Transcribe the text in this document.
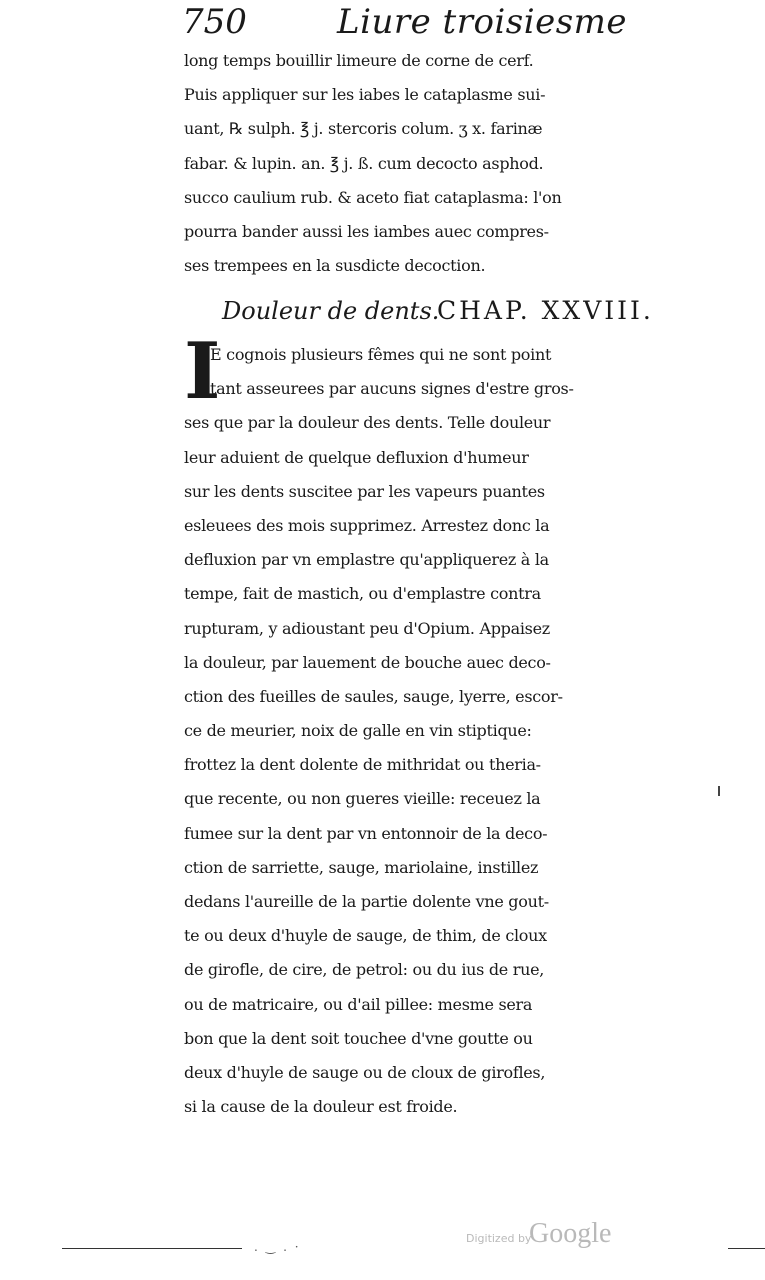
750	Liure troisiesme
long temps bouillir limeure de corne de cerf.
Puis appliquer sur les iabes le cataplasme sui-
uant, ℞ sulph. ℥ j. stercoris colum. ʒ x. farinæ
fabar. & lupin. an. ℥ j. ß. cum decocto asphod.
succo caulium rub. & aceto fiat cataplasma: l'on
pourra bander aussi les iambes auec compres-
ses trempees en la susdicte decoction.
Douleur de dents.
CHAP. XXVIII.
I
E cognois plusieurs fêmes qui ne sont point
tant asseurees par aucuns signes d'estre gros-
ses que par la douleur des dents. Telle douleur
leur aduient de quelque defluxion d'humeur
sur les dents suscitee par les vapeurs puantes
esleuees des mois supprimez. Arrestez donc la
defluxion par vn emplastre qu'appliquerez à la
tempe, fait de mastich, ou d'emplastre contra
rupturam, y adioustant peu d'Opium. Appaisez
la douleur, par lauement de bouche auec deco-
ction des fueilles de saules, sauge, lyerre, escor-
ce de meurier, noix de galle en vin stiptique:
frottez la dent dolente de mithridat ou theria-
que recente, ou non gueres vieille: receuez la
fumee sur la dent par vn entonnoir de la deco-
ction de sarriette, sauge, mariolaine, instillez
dedans l'aureille de la partie dolente vne gout-
te ou deux d'huyle de sauge, de thim, de cloux
de girofle, de cire, de petrol: ou du ius de rue,
ou de matricaire, ou d'ail pillee: mesme sera
bon que la dent soit touchee d'vne goutte ou
deux d'huyle de sauge ou de cloux de girofles,
si la cause de la douleur est froide.
. ‿ . ·
Digitized by
Google
